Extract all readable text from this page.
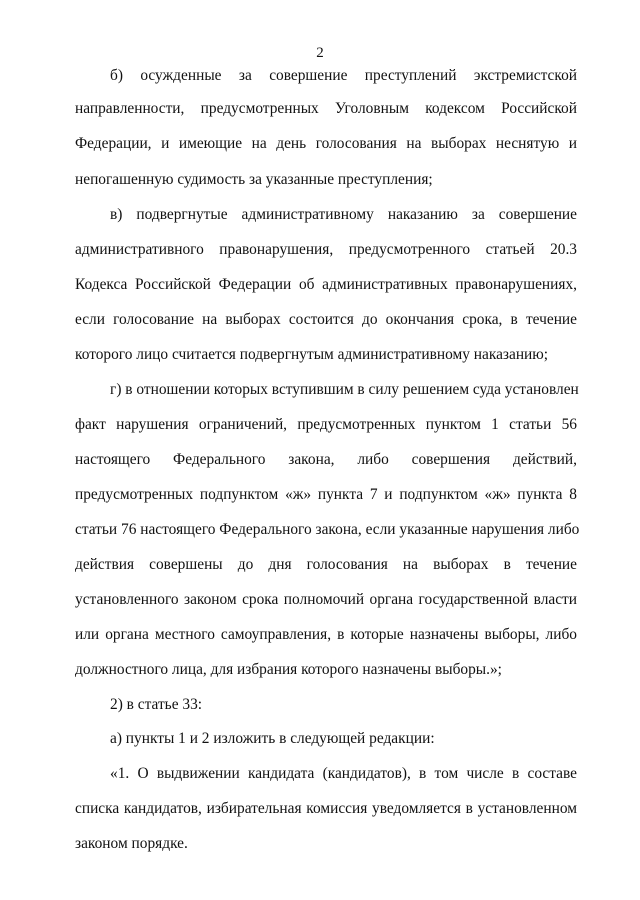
2
б) осужденные за совершение преступлений экстремистской
направленности, предусмотренных Уголовным кодексом Российской
Федерации, и имеющие на день голосования на выборах неснятую и
непогашенную судимость за указанные преступления;
в) подвергнутые административному наказанию за совершение
административного правонарушения, предусмотренного статьей 20.3
Кодекса Российской Федерации об административных правонарушениях,
если голосование на выборах состоится до окончания срока, в течение
которого лицо считается подвергнутым административному наказанию;
г) в отношении которых вступившим в силу решением суда установлен
факт нарушения ограничений, предусмотренных пунктом 1 статьи 56
настоящего Федерального закона, либо совершения действий,
предусмотренных подпунктом «ж» пункта 7 и подпунктом «ж» пункта 8
статьи 76 настоящего Федерального закона, если указанные нарушения либо
действия совершены до дня голосования на выборах в течение
установленного законом срока полномочий органа государственной власти
или органа местного самоуправления, в которые назначены выборы, либо
должностного лица, для избрания которого назначены выборы.»;
2) в статье 33:
а) пункты 1 и 2 изложить в следующей редакции:
«1. О выдвижении кандидата (кандидатов), в том числе в составе
списка кандидатов, избирательная комиссия уведомляется в установленном
законом порядке.
